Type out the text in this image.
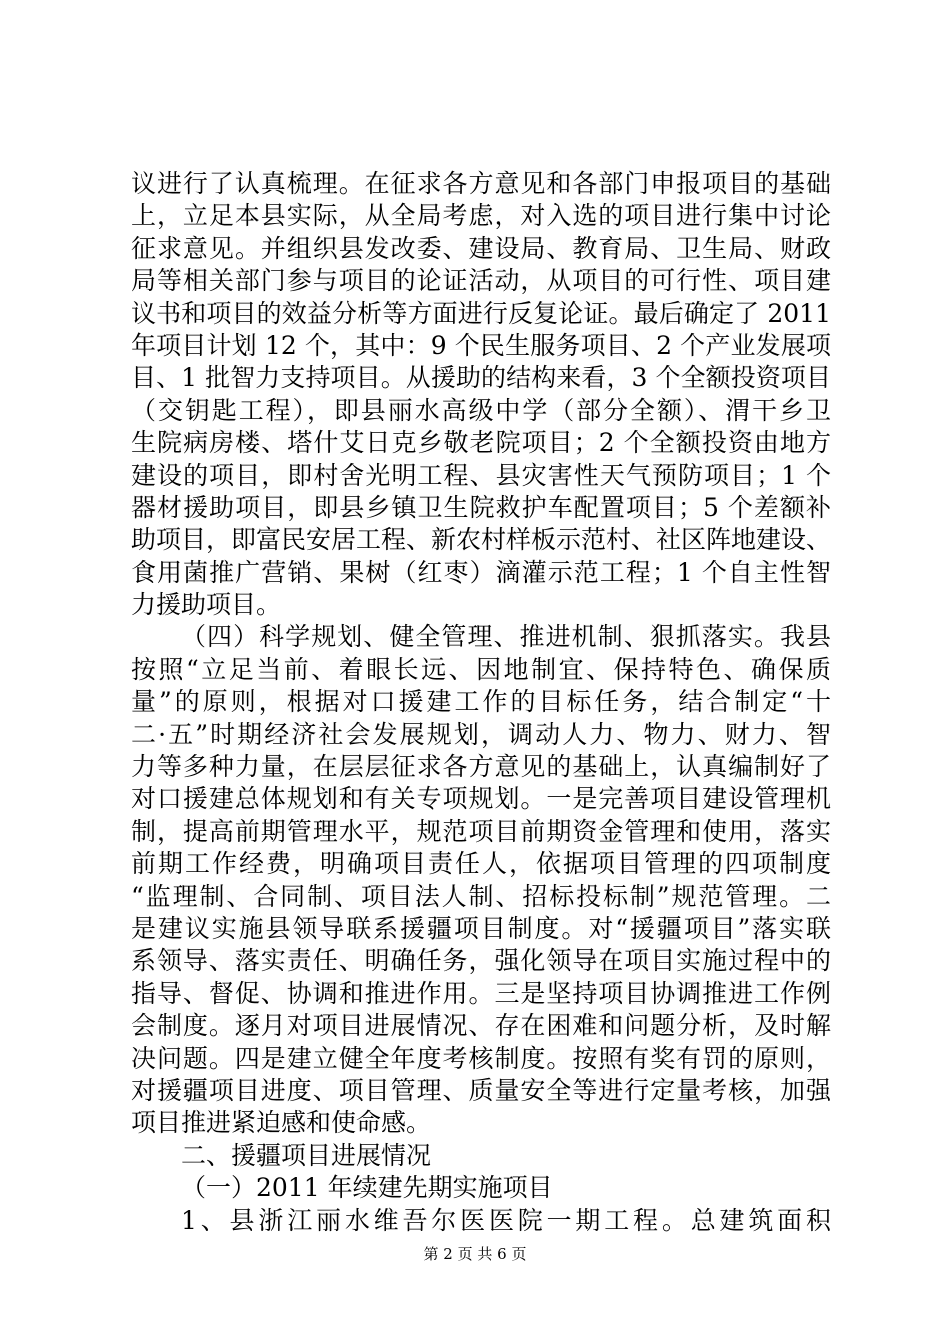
议进行了认真梳理。在征求各方意见和各部门申报项目的基础
上，立足本县实际，从全局考虑，对入选的项目进行集中讨论
征求意见。并组织县发改委、建设局、教育局、卫生局、财政
局等相关部门参与项目的论证活动，从项目的可行性、项目建
议书和项目的效益分析等方面进行反复论证。最后确定了 2011
年项目计划 12 个，其中：9 个民生服务项目、2 个产业发展项
目、1 批智力支持项目。从援助的结构来看，3 个全额投资项目
（交钥匙工程），即县丽水高级中学（部分全额）、渭干乡卫
生院病房楼、塔什艾日克乡敬老院项目；2 个全额投资由地方
建设的项目，即村舍光明工程、县灾害性天气预防项目；1 个
器材援助项目，即县乡镇卫生院救护车配置项目；5 个差额补
助项目，即富民安居工程、新农村样板示范村、社区阵地建设、
食用菌推广营销、果树（红枣）滴灌示范工程；1 个自主性智
力援助项目。
（四）科学规划、健全管理、推进机制、狠抓落实。我县
按照“立足当前、着眼长远、因地制宜、保持特色、确保质
量”的原则，根据对口援建工作的目标任务，结合制定“十
二·五”时期经济社会发展规划，调动人力、物力、财力、智
力等多种力量，在层层征求各方意见的基础上，认真编制好了
对口援建总体规划和有关专项规划。一是完善项目建设管理机
制，提高前期管理水平，规范项目前期资金管理和使用，落实
前期工作经费，明确项目责任人，依据项目管理的四项制度
“监理制、合同制、项目法人制、招标投标制”规范管理。二
是建议实施县领导联系援疆项目制度。对“援疆项目”落实联
系领导、落实责任、明确任务，强化领导在项目实施过程中的
指导、督促、协调和推进作用。三是坚持项目协调推进工作例
会制度。逐月对项目进展情况、存在困难和问题分析，及时解
决问题。四是建立健全年度考核制度。按照有奖有罚的原则，
对援疆项目进度、项目管理、质量安全等进行定量考核，加强
项目推进紧迫感和使命感。
二、援疆项目进展情况
（一）2011 年续建先期实施项目
1、县浙江丽水维吾尔医医院一期工程。总建筑面积
第 2 页 共 6 页
